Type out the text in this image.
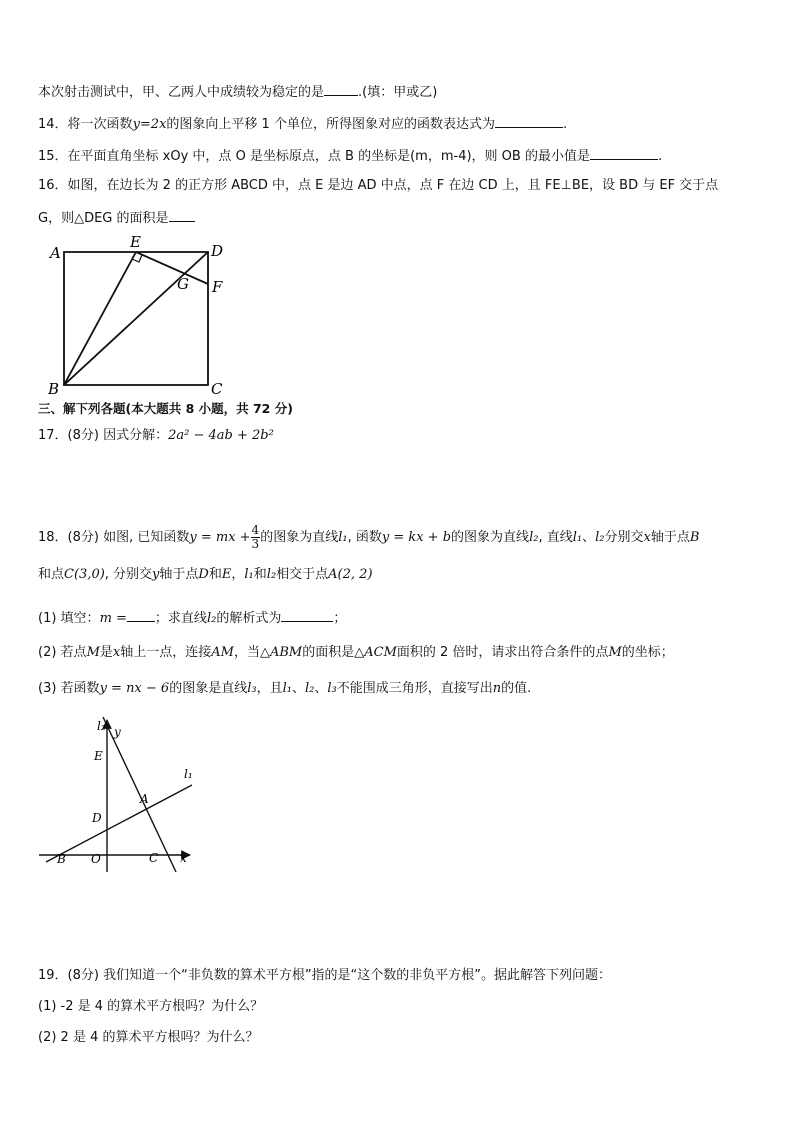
本次射击测试中，甲、乙两人中成绩较为稳定的是	.(填：甲或乙)
14．将一次函数y=2x的图象向上平移 1 个单位，所得图象对应的函数表达式为	.
15．在平面直角坐标 xOy 中，点 O 是坐标原点，点 B 的坐标是(m，m-4)，则 OB 的最小值是	.
16．如图，在边长为 2 的正方形 ABCD 中，点 E 是边 AD 中点，点 F 在边 CD 上，且 FE⊥BE，设 BD 与 EF 交于点
G，则△DEG 的面积是
A
E	D
G F
B	C
三、解下列各题(本大题共 8 小题，共 72 分)
17．(8分) 因式分解：2a² − 4ab + 2b²
18．(8分) 如图, 已知函数y = mx + $\frac{4}{3}$ 的图象为直线l₁, 函数y = kx + b的图象为直线l₂, 直线l₁、l₂分别交x轴于点B
和点C(3,0), 分别交y轴于点D和E，l₁和l₂相交于点A(2, 2)
(1) 填空：m = ；求直线l₂的解析式为	；
(2) 若点M是x轴上一点，连接AM，当△ABM的面积是△ACM面积的 2 倍时，请求出符合条件的点M的坐标；
(3) 若函数y = nx − 6的图象是直线l₃，且l₁、l₂、l₃不能围成三角形，直接写出n的值.
l₂ y
E
l₁
A
D
B O	C x
19．(8分) 我们知道一个“非负数的算术平方根”指的是“这个数的非负平方根”。据此解答下列问题：
(1) -2 是 4 的算术平方根吗？为什么？
(2) 2 是 4 的算术平方根吗？为什么？
